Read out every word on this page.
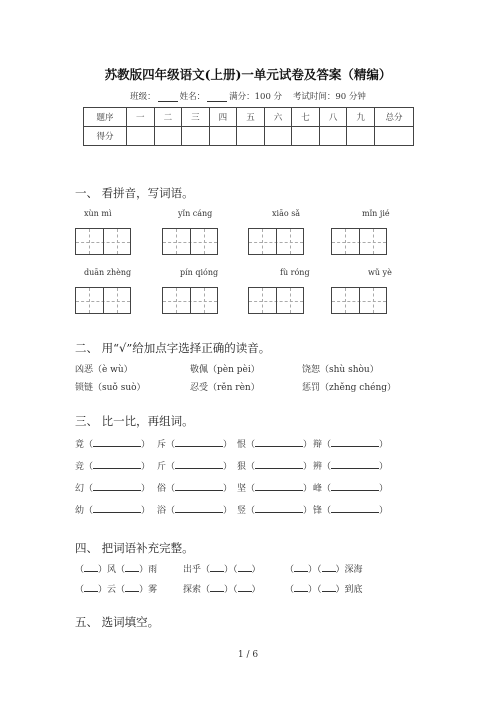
苏教版四年级语文(上册)一单元试卷及答案（精编）
班级：	姓名：	满分：100 分 考试时间：90 分钟
题序	一	二	三	四	五	六	七	八	九	总分
得分										
一、 看拼音，写词语。
xùn mì	yǐn cáng	xiāo sǎ	mǐn jié
duān zhèng	pín qióng	fù róng	wǔ yè
二、 用“√”给加点字选择正确的读音。
凶恶（è wù）	敬佩（pèn pèi）	饶恕（shù shòu）
锁链（suǒ suò）	忍受（rěn rèn）	惩罚（zhěng chéng）
三、 比一比，再组词。
竟（	） 斥（	） 恨（	） 辩（	）
竞（	） 斤（	） 狠（	） 辨（	）
幻（	） 俗（	） 坚（	） 峰（	）
幼（	） 浴（	） 竖（	） 锋（	）
四、 把词语补充完整。
（ ）风（ ）雨	出乎（ ）（ ）	（ ）（ ）深海
（ ）云（ ）雾	探索（ ）（ ）	（ ）（ ）到底
五、 选词填空。
1 / 6
